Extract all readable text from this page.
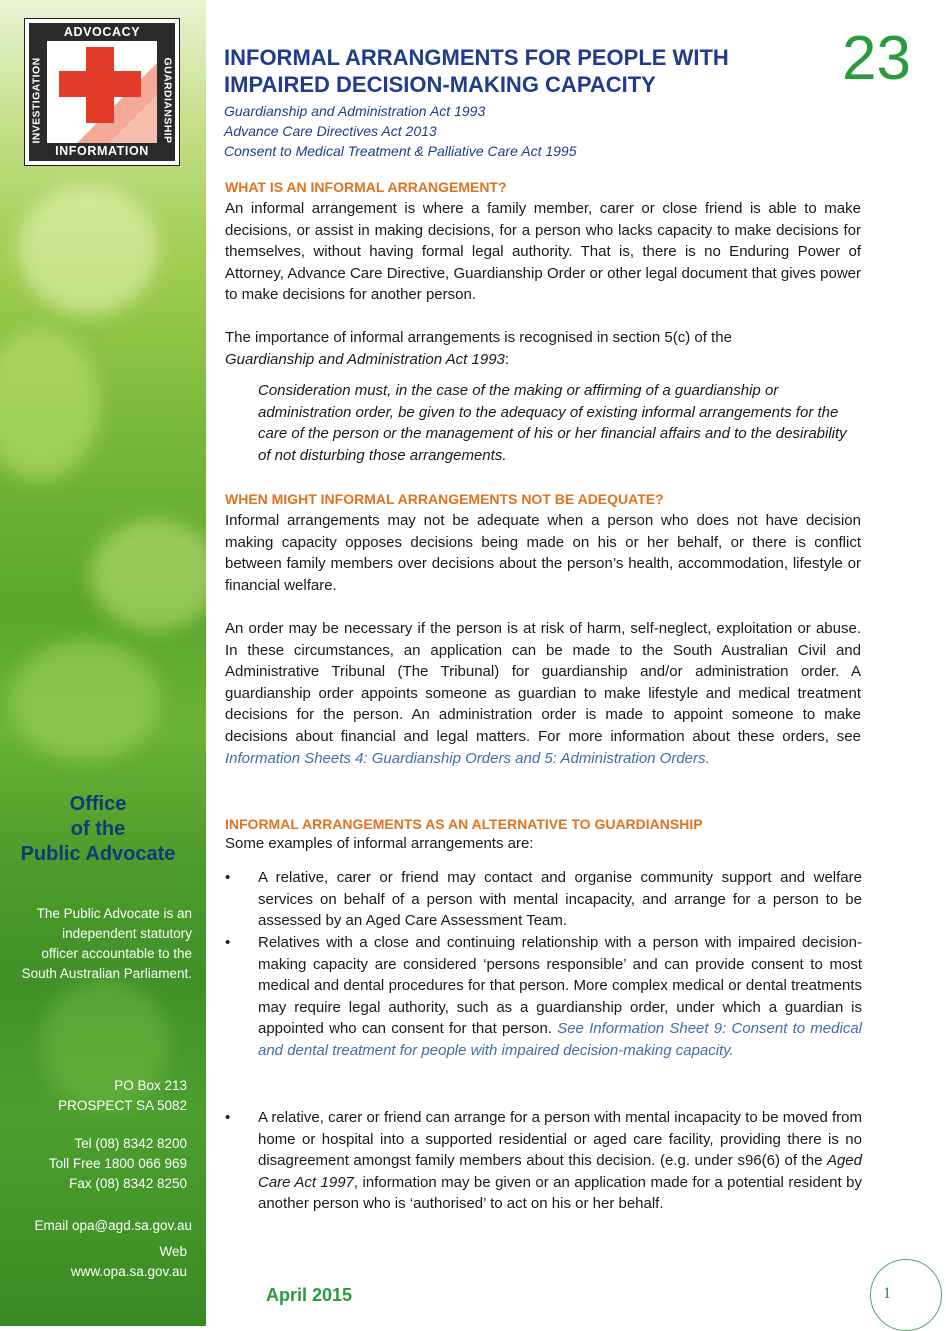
ADVOCACY
INVESTIGATION	GUARDIANSHIP
INFORMATION
Office
of the
Public Advocate
The Public Advocate is an
independent statutory
officer accountable to the
South Australian Parliament.
PO Box 213
PROSPECT SA 5082
Tel (08) 8342 8200
Toll Free 1800 066 969
Fax (08) 8342 8250
Email opa@agd.sa.gov.au
Web
www.opa.sa.gov.au
INFORMAL ARRANGMENTS FOR PEOPLE WITH
IMPAIRED DECISION-MAKING CAPACITY	23
Guardianship and Administration Act 1993
Advance Care Directives Act 2013
Consent to Medical Treatment & Palliative Care Act 1995
WHAT IS AN INFORMAL ARRANGEMENT?
An informal arrangement is where a family member, carer or close friend is able to make decisions, or assist in making decisions, for a person who lacks capacity to make decisions for themselves, without having formal legal authority. That is, there is no Enduring Power of Attorney, Advance Care Directive, Guardianship Order or other legal document that gives power to make decisions for another person.
The importance of informal arrangements is recognised in section 5(c) of the
Guardianship and Administration Act 1993:
Consideration must, in the case of the making or affirming of a guardianship or administration order, be given to the adequacy of existing informal arrangements for the care of the person or the management of his or her financial affairs and to the desirability of not disturbing those arrangements.
WHEN MIGHT INFORMAL ARRANGEMENTS NOT BE ADEQUATE?
Informal arrangements may not be adequate when a person who does not have decision making capacity opposes decisions being made on his or her behalf, or there is conflict between family members over decisions about the person’s health, accommodation, lifestyle or financial welfare.
An order may be necessary if the person is at risk of harm, self-neglect, exploitation or abuse. In these circumstances, an application can be made to the South Australian Civil and Administrative Tribunal (The Tribunal) for guardianship and/or administration order. A guardianship order appoints someone as guardian to make lifestyle and medical treatment decisions for the person. An administration order is made to appoint someone to make decisions about financial and legal matters. For more information about these orders, see Information Sheets 4: Guardianship Orders and 5: Administration Orders.
INFORMAL ARRANGEMENTS AS AN ALTERNATIVE TO GUARDIANSHIP
Some examples of informal arrangements are:
•	A relative, carer or friend may contact and organise community support and welfare services on behalf of a person with mental incapacity, and arrange for a person to be assessed by an Aged Care Assessment Team.
•	Relatives with a close and continuing relationship with a person with impaired decision-making capacity are considered ‘persons responsible’ and can provide consent to most medical and dental procedures for that person. More complex medical or dental treatments may require legal authority, such as a guardianship order, under which a guardian is appointed who can consent for that person. See Information Sheet 9: Consent to medical and dental treatment for people with impaired decision-making capacity.
•	A relative, carer or friend can arrange for a person with mental incapacity to be moved from home or hospital into a supported residential or aged care facility, providing there is no disagreement amongst family members about this decision. (e.g. under s96(6) of the Aged Care Act 1997, information may be given or an application made for a potential resident by another person who is ‘authorised’ to act on his or her behalf.
April 2015	1
